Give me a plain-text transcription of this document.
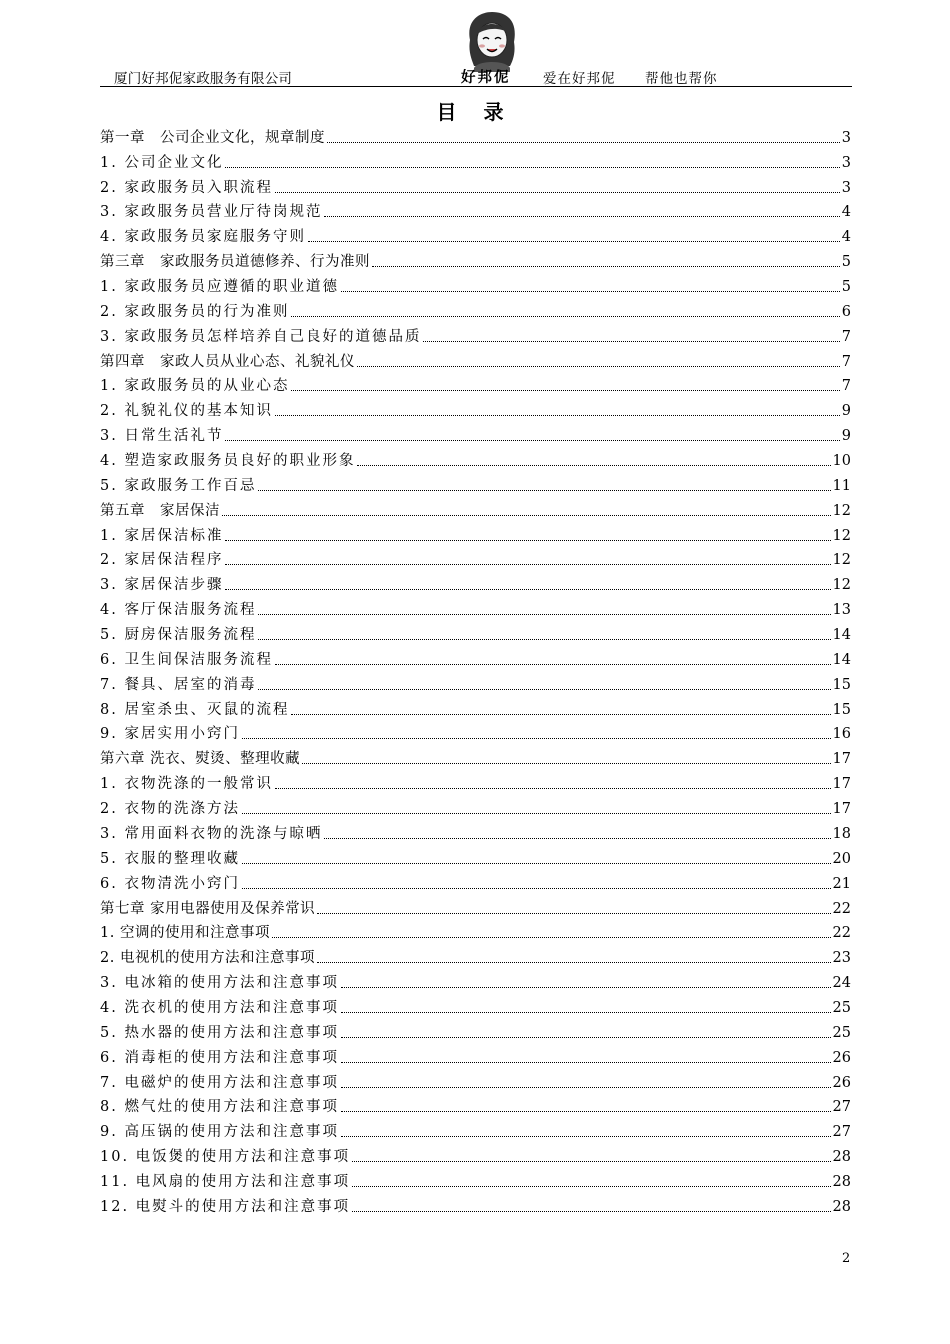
厦门好邦伲家政服务有限公司	好邦伲 爱在好邦伲 帮他也帮你
目 录
第一章　公司企业文化，规章制度	3
1. 公司企业文化	3
2. 家政服务员入职流程	3
3. 家政服务员营业厅待岗规范	4
4. 家政服务员家庭服务守则	4
第三章　家政服务员道德修养、行为准则	5
1. 家政服务员应遵循的职业道德	5
2. 家政服务员的行为准则	6
3. 家政服务员怎样培养自己良好的道德品质	7
第四章　家政人员从业心态、礼貌礼仪	7
1. 家政服务员的从业心态	7
2. 礼貌礼仪的基本知识	9
3. 日常生活礼节	9
4. 塑造家政服务员良好的职业形象	10
5. 家政服务工作百忌	11
第五章　家居保洁	12
1. 家居保洁标准	12
2. 家居保洁程序	12
3. 家居保洁步骤	12
4. 客厅保洁服务流程	13
5. 厨房保洁服务流程	14
6. 卫生间保洁服务流程	14
7. 餐具、居室的消毒	15
8. 居室杀虫、灭鼠的流程	15
9. 家居实用小窍门	16
第六章 洗衣、熨烫、整理收藏	17
1. 衣物洗涤的一般常识	17
2. 衣物的洗涤方法	17
3. 常用面料衣物的洗涤与晾晒	18
5. 衣服的整理收藏	20
6. 衣物清洗小窍门	21
第七章 家用电器使用及保养常识	22
1. 空调的使用和注意事项	22
2. 电视机的使用方法和注意事项	23
3. 电冰箱的使用方法和注意事项	24
4. 洗衣机的使用方法和注意事项	25
5. 热水器的使用方法和注意事项	25
6. 消毒柜的使用方法和注意事项	26
7. 电磁炉的使用方法和注意事项	26
8. 燃气灶的使用方法和注意事项	27
9. 高压锅的使用方法和注意事项	27
10. 电饭煲的使用方法和注意事项	28
11. 电风扇的使用方法和注意事项	28
12. 电熨斗的使用方法和注意事项	28
2
